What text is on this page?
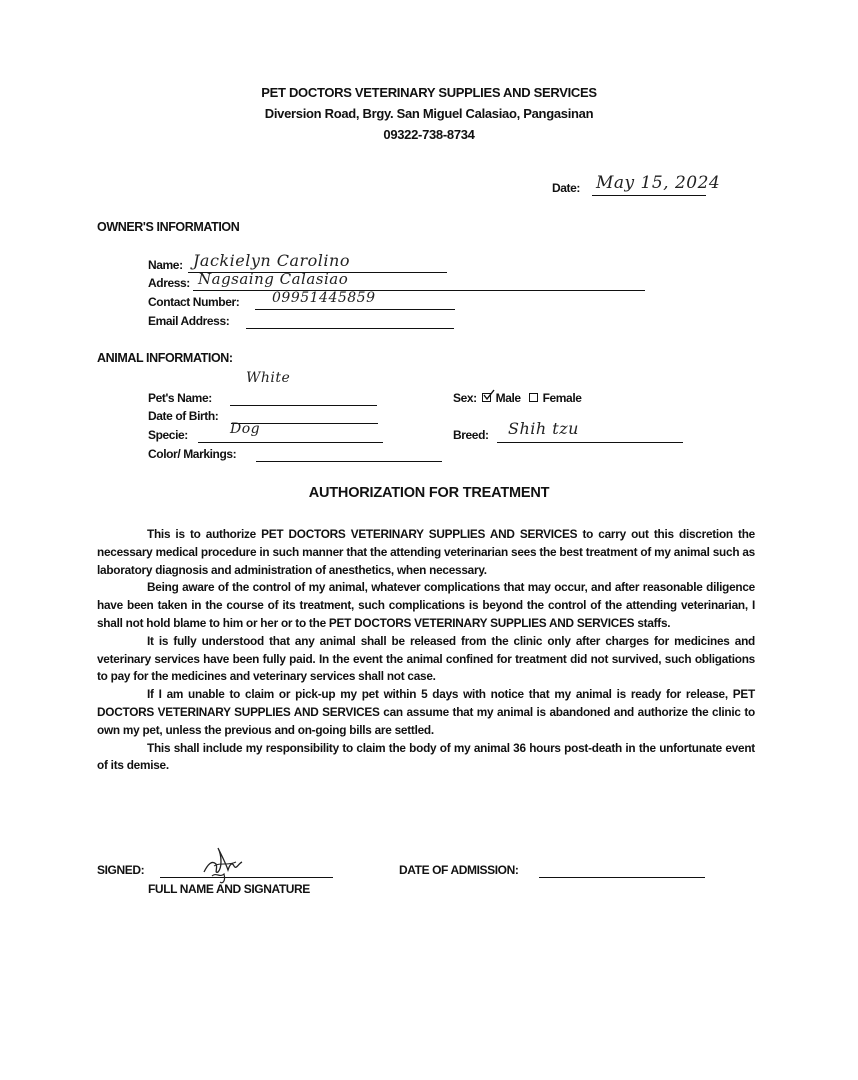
PET DOCTORS VETERINARY SUPPLIES AND SERVICES
Diversion Road, Brgy. San Miguel Calasiao, Pangasinan
09322-738-8734
Date: May 15, 2024
OWNER'S INFORMATION
Name: Jackielyn Carolino
Adress: Nagsaing Calasiao
Contact Number: 09951445859
Email Address:
ANIMAL INFORMATION:
Pet's Name:
White
Date of Birth:
Specie:	Dog
Color/ Markings:
Sex: Male Female
Breed: Shih tzu
AUTHORIZATION FOR TREATMENT

This is to authorize PET DOCTORS VETERINARY SUPPLIES AND SERVICES to carry out this discretion the necessary medical procedure in such manner that the attending veterinarian sees the best treatment of my animal such as laboratory diagnosis and administration of anesthetics, when necessary.

Being aware of the control of my animal, whatever complications that may occur, and after reasonable diligence have been taken in the course of its treatment, such complications is beyond the control of the attending veterinarian, I shall not hold blame to him or her or to the PET DOCTORS VETERINARY SUPPLIES AND SERVICES staffs.

It is fully understood that any animal shall be released from the clinic only after charges for medicines and veterinary services have been fully paid. In the event the animal confined for treatment did not survived, such obligations to pay for the medicines and veterinary services shall not case.

If I am unable to claim or pick-up my pet within 5 days with notice that my animal is ready for release, PET DOCTORS VETERINARY SUPPLIES AND SERVICES can assume that my animal is abandoned and authorize the clinic to own my pet, unless the previous and on-going bills are settled.

This shall include my responsibility to claim the body of my animal 36 hours post-death in the unfortunate event of its demise.

SIGNED:
FULL NAME AND SIGNATURE
DATE OF ADMISSION:
